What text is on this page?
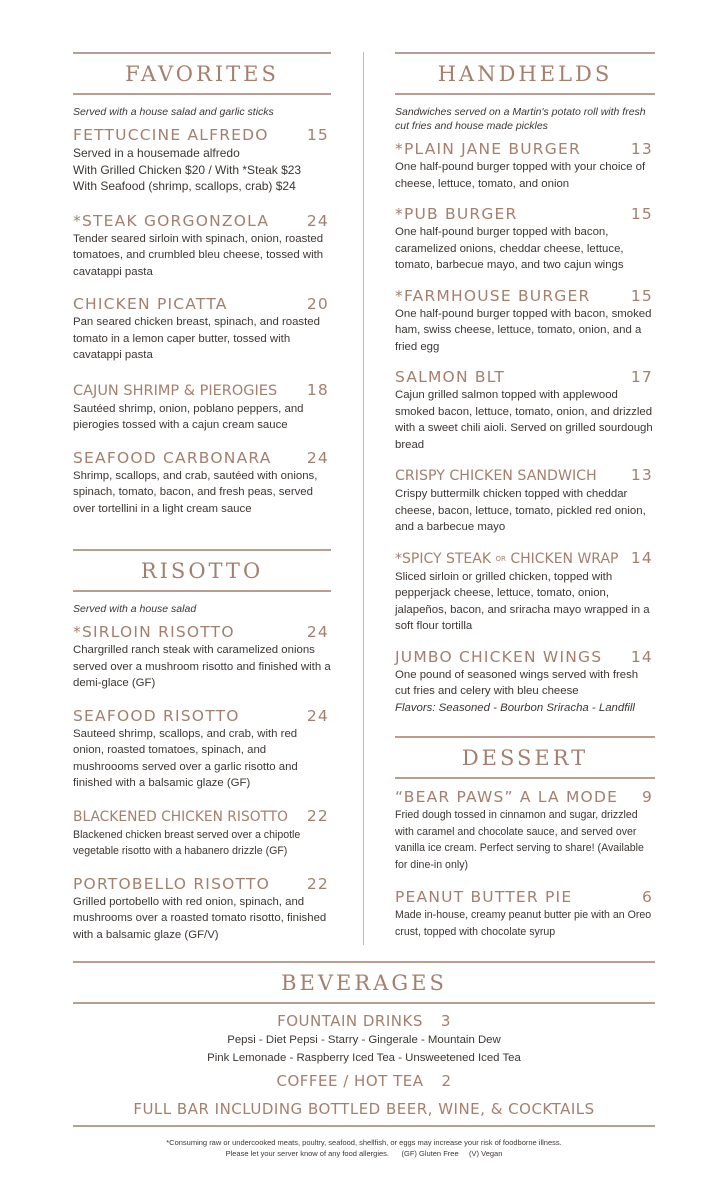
FAVORITES
Served with a house salad and garlic sticks
FETTUCCINE ALFREDO 15
Served in a housemade alfredo
With Grilled Chicken $20 / With *Steak $23
With Seafood (shrimp, scallops, crab) $24
*STEAK GORGONZOLA 24
Tender seared sirloin with spinach, onion, roasted tomatoes, and crumbled bleu cheese, tossed with cavatappi pasta
CHICKEN PICATTA	20
Pan seared chicken breast, spinach, and roasted tomato in a lemon caper butter, tossed with cavatappi pasta
CAJUN SHRIMP & PIEROGIES 18
Sautéed shrimp, onion, poblano peppers, and pierogies tossed with a cajun cream sauce
SEAFOOD CARBONARA 24
Shrimp, scallops, and crab, sautéed with onions, spinach, tomato, bacon, and fresh peas, served over tortellini in a light cream sauce
RISOTTO
Served with a house salad
*SIRLOIN RISOTTO	24
Chargrilled ranch steak with caramelized onions served over a mushroom risotto and finished with a demi-glace (GF)
SEAFOOD RISOTTO	24
Sauteed shrimp, scallops, and crab, with red onion, roasted tomatoes, spinach, and mushroooms served over a garlic risotto and finished with a balsamic glaze (GF)
BLACKENED CHICKEN RISOTTO 22
Blackened chicken breast served over a chipotle vegetable risotto with a habanero drizzle (GF)
PORTOBELLO RISOTTO 22
Grilled portobello with red onion, spinach, and mushrooms over a roasted tomato risotto, finished with a balsamic glaze (GF/V)
HANDHELDS
Sandwiches served on a Martin's potato roll with fresh cut fries and house made pickles
*PLAIN JANE BURGER	13
One half-pound burger topped with your choice of cheese, lettuce, tomato, and onion
*PUB BURGER	15
One half-pound burger topped with bacon, caramelized onions, cheddar cheese, lettuce, tomato, barbecue mayo, and two cajun wings
*FARMHOUSE BURGER	15
One half-pound burger topped with bacon, smoked ham, swiss cheese, lettuce, tomato, onion, and a fried egg
SALMON BLT	17
Cajun grilled salmon topped with applewood smoked bacon, lettuce, tomato, onion, and drizzled with a sweet chili aioli. Served on grilled sourdough bread
CRISPY CHICKEN SANDWICH 13
Crispy buttermilk chicken topped with cheddar cheese, bacon, lettuce, tomato, pickled red onion, and a barbecue mayo
*SPICY STEAK OR CHICKEN WRAP 14
Sliced sirloin or grilled chicken, topped with pepperjack cheese, lettuce, tomato, onion, jalapeños, bacon, and sriracha mayo wrapped in a soft flour tortilla
JUMBO CHICKEN WINGS 14
One pound of seasoned wings served with fresh cut fries and celery with bleu cheese
Flavors: Seasoned - Bourbon Sriracha - Landfill
DESSERT
“BEAR PAWS” A LA MODE 9
Fried dough tossed in cinnamon and sugar, drizzled with caramel and chocolate sauce, and served over vanilla ice cream. Perfect serving to share! (Available for dine-in only)
PEANUT BUTTER PIE	6
Made in-house, creamy peanut butter pie with an Oreo crust, topped with chocolate syrup
BEVERAGES
FOUNTAIN DRINKS 3
Pepsi - Diet Pepsi - Starry - Gingerale - Mountain Dew
Pink Lemonade - Raspberry Iced Tea - Unsweetened Iced Tea
COFFEE / HOT TEA 2
FULL BAR INCLUDING BOTTLED BEER, WINE, & COCKTAILS
*Consuming raw or undercooked meats, poultry, seafood, shellfish, or eggs may increase your risk of foodborne illness.
Please let your server know of any food allergies.      (GF) Gluten Free     (V) Vegan
